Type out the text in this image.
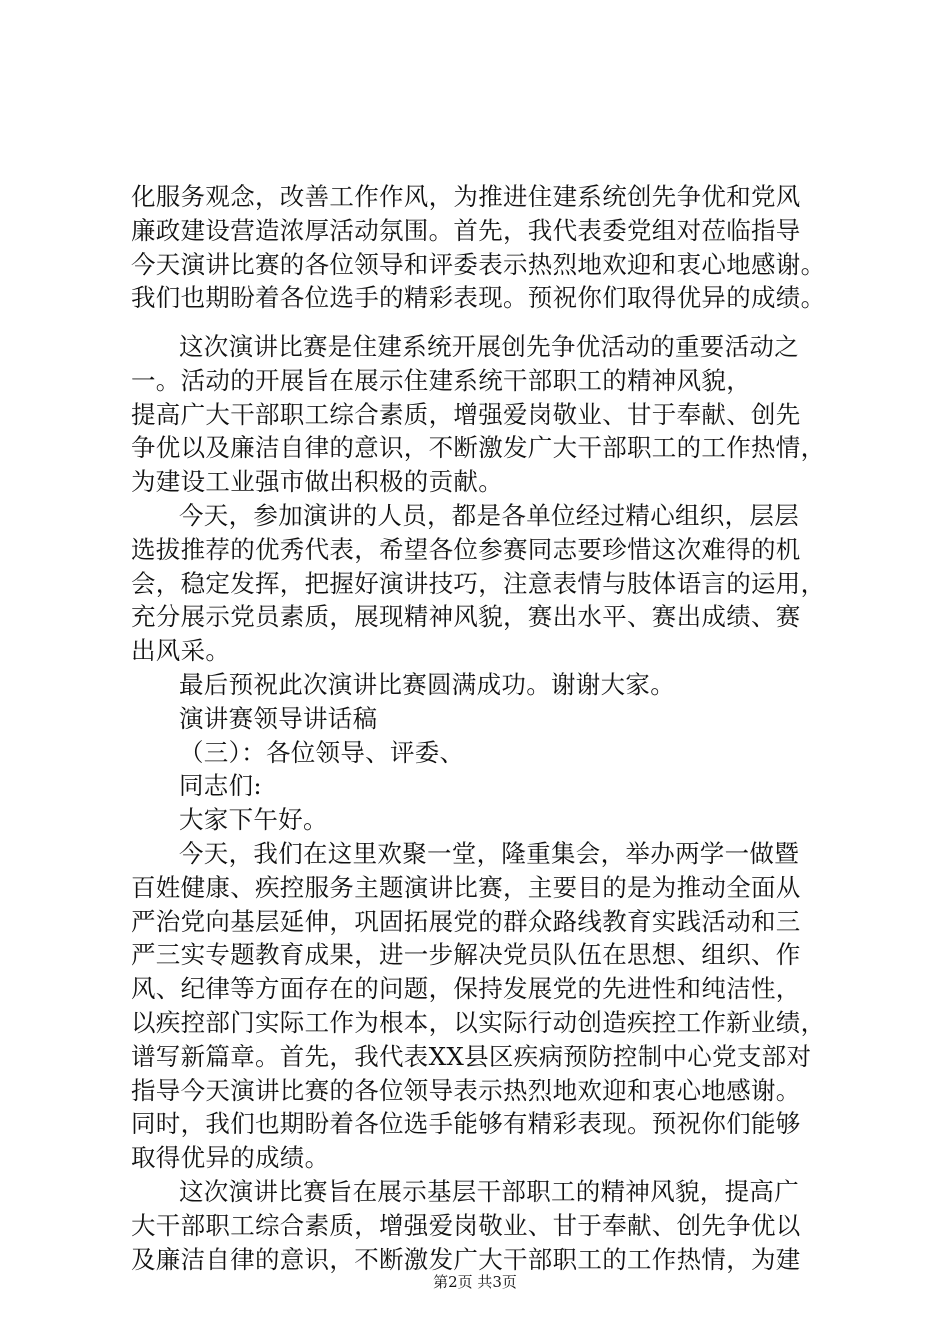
化服务观念，改善工作作风，为推进住建系统创先争优和党风

廉政建设营造浓厚活动氛围。首先，我代表委党组对莅临指导

今天演讲比赛的各位领导和评委表示热烈地欢迎和衷心地感谢。

我们也期盼着各位选手的精彩表现。预祝你们取得优异的成绩。

这次演讲比赛是住建系统开展创先争优活动的重要活动之

一。活动的开展旨在展示住建系统干部职工的精神风貌，

提高广大干部职工综合素质，增强爱岗敬业、甘于奉献、创先

争优以及廉洁自律的意识，不断激发广大干部职工的工作热情，

为建设工业强市做出积极的贡献。

今天，参加演讲的人员，都是各单位经过精心组织，层层

选拔推荐的优秀代表，希望各位参赛同志要珍惜这次难得的机

会，稳定发挥，把握好演讲技巧，注意表情与肢体语言的运用，

充分展示党员素质，展现精神风貌，赛出水平、赛出成绩、赛

出风采。

最后预祝此次演讲比赛圆满成功。谢谢大家。

演讲赛领导讲话稿

（三）：各位领导、评委、

同志们:

大家下午好。

今天，我们在这里欢聚一堂，隆重集会，举办两学一做暨

百姓健康、疾控服务主题演讲比赛，主要目的是为推动全面从

严治党向基层延伸，巩固拓展党的群众路线教育实践活动和三

严三实专题教育成果，进一步解决党员队伍在思想、组织、作

风、纪律等方面存在的问题，保持发展党的先进性和纯洁性，

以疾控部门实际工作为根本，以实际行动创造疾控工作新业绩，

谱写新篇章。首先，我代表XX县区疾病预防控制中心党支部对

指导今天演讲比赛的各位领导表示热烈地欢迎和衷心地感谢。

同时，我们也期盼着各位选手能够有精彩表现。预祝你们能够

取得优异的成绩。

这次演讲比赛旨在展示基层干部职工的精神风貌，提高广

大干部职工综合素质，增强爱岗敬业、甘于奉献、创先争优以

及廉洁自律的意识，不断激发广大干部职工的工作热情，为建

第2页 共3页
